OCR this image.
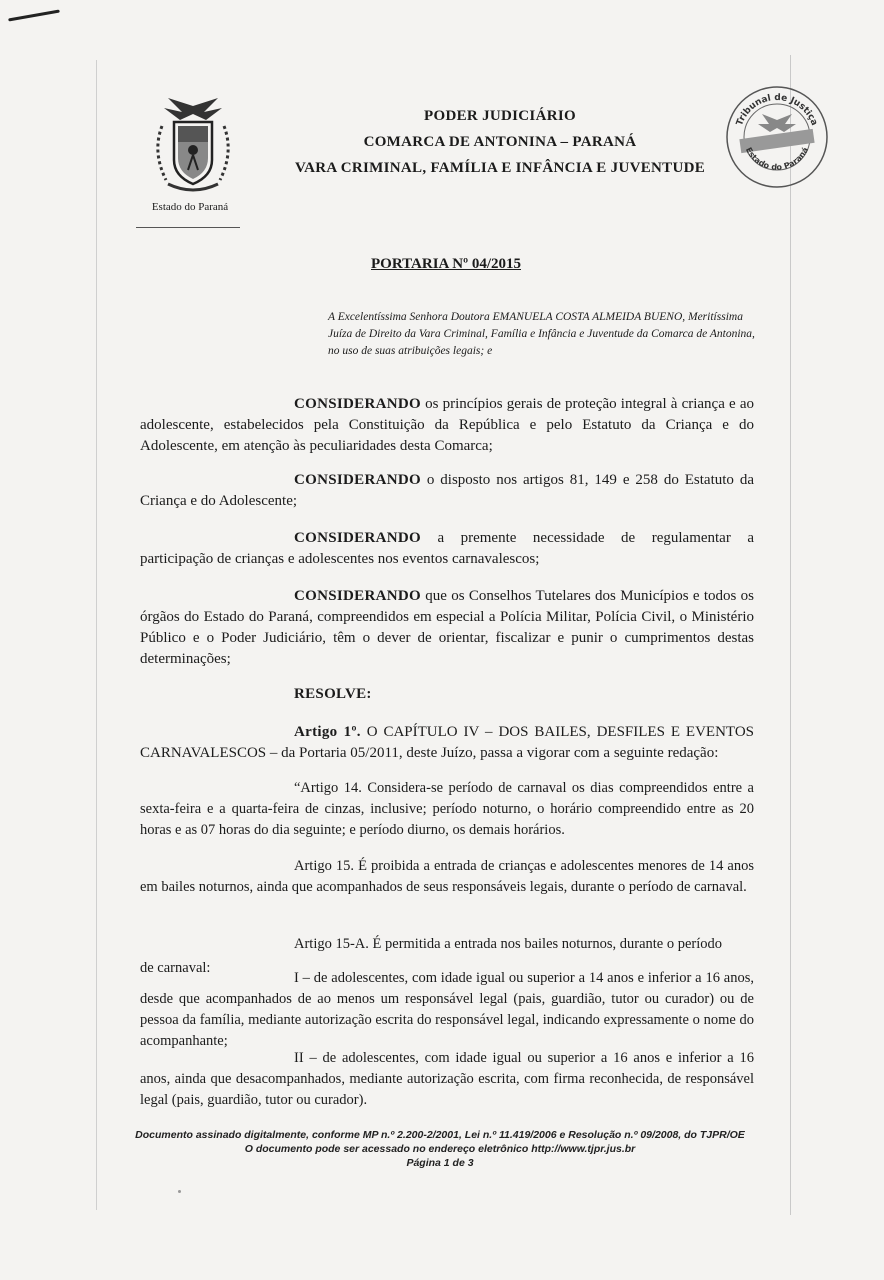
Estado do Paraná
PODER JUDICIÁRIO
COMARCA DE ANTONINA – PARANÁ
VARA CRIMINAL, FAMÍLIA E INFÂNCIA E JUVENTUDE
Tribunal de Justiça
Estado do Paraná
PORTARIA Nº 04/2015
A Excelentíssima Senhora Doutora EMANUELA COSTA ALMEIDA BUENO, Meritíssima Juíza de Direito da Vara Criminal, Família e Infância e Juventude da Comarca de Antonina, no uso de suas atribuições legais; e
CONSIDERANDO os princípios gerais de proteção integral à criança e ao adolescente, estabelecidos pela Constituição da República e pelo Estatuto da Criança e do Adolescente, em atenção às peculiaridades desta Comarca;
CONSIDERANDO o disposto nos artigos 81, 149 e 258 do Estatuto da Criança e do Adolescente;
CONSIDERANDO a premente necessidade de regulamentar a participação de crianças e adolescentes nos eventos carnavalescos;
CONSIDERANDO que os Conselhos Tutelares dos Municípios e todos os órgãos do Estado do Paraná, compreendidos em especial a Polícia Militar, Polícia Civil, o Ministério Público e o Poder Judiciário, têm o dever de orientar, fiscalizar e punir o cumprimentos destas determinações;
RESOLVE:
Artigo 1º. O CAPÍTULO IV – DOS BAILES, DESFILES E EVENTOS CARNAVALESCOS – da Portaria 05/2011, deste Juízo, passa a vigorar com a seguinte redação:
“Artigo 14. Considera-se período de carnaval os dias compreendidos entre a sexta-feira e a quarta-feira de cinzas, inclusive; período noturno, o horário compreendido entre as 20 horas e as 07 horas do dia seguinte; e período diurno, os demais horários.
Artigo 15. É proibida a entrada de crianças e adolescentes menores de 14 anos em bailes noturnos, ainda que acompanhados de seus responsáveis legais, durante o período de carnaval.
Artigo 15-A. É permitida a entrada nos bailes noturnos, durante o período
de carnaval:
I – de adolescentes, com idade igual ou superior a 14 anos e inferior a 16 anos, desde que acompanhados de ao menos um responsável legal (pais, guardião, tutor ou curador) ou de pessoa da família, mediante autorização escrita do responsável legal, indicando expressamente o nome do acompanhante;
II – de adolescentes, com idade igual ou superior a 16 anos e inferior a 16 anos, ainda que desacompanhados, mediante autorização escrita, com firma reconhecida, de responsável legal (pais, guardião, tutor ou curador).
Documento assinado digitalmente, conforme MP n.º 2.200-2/2001, Lei n.º 11.419/2006 e Resolução n.º 09/2008, do TJPR/OE
O documento pode ser acessado no endereço eletrônico http://www.tjpr.jus.br
Página 1 de 3
